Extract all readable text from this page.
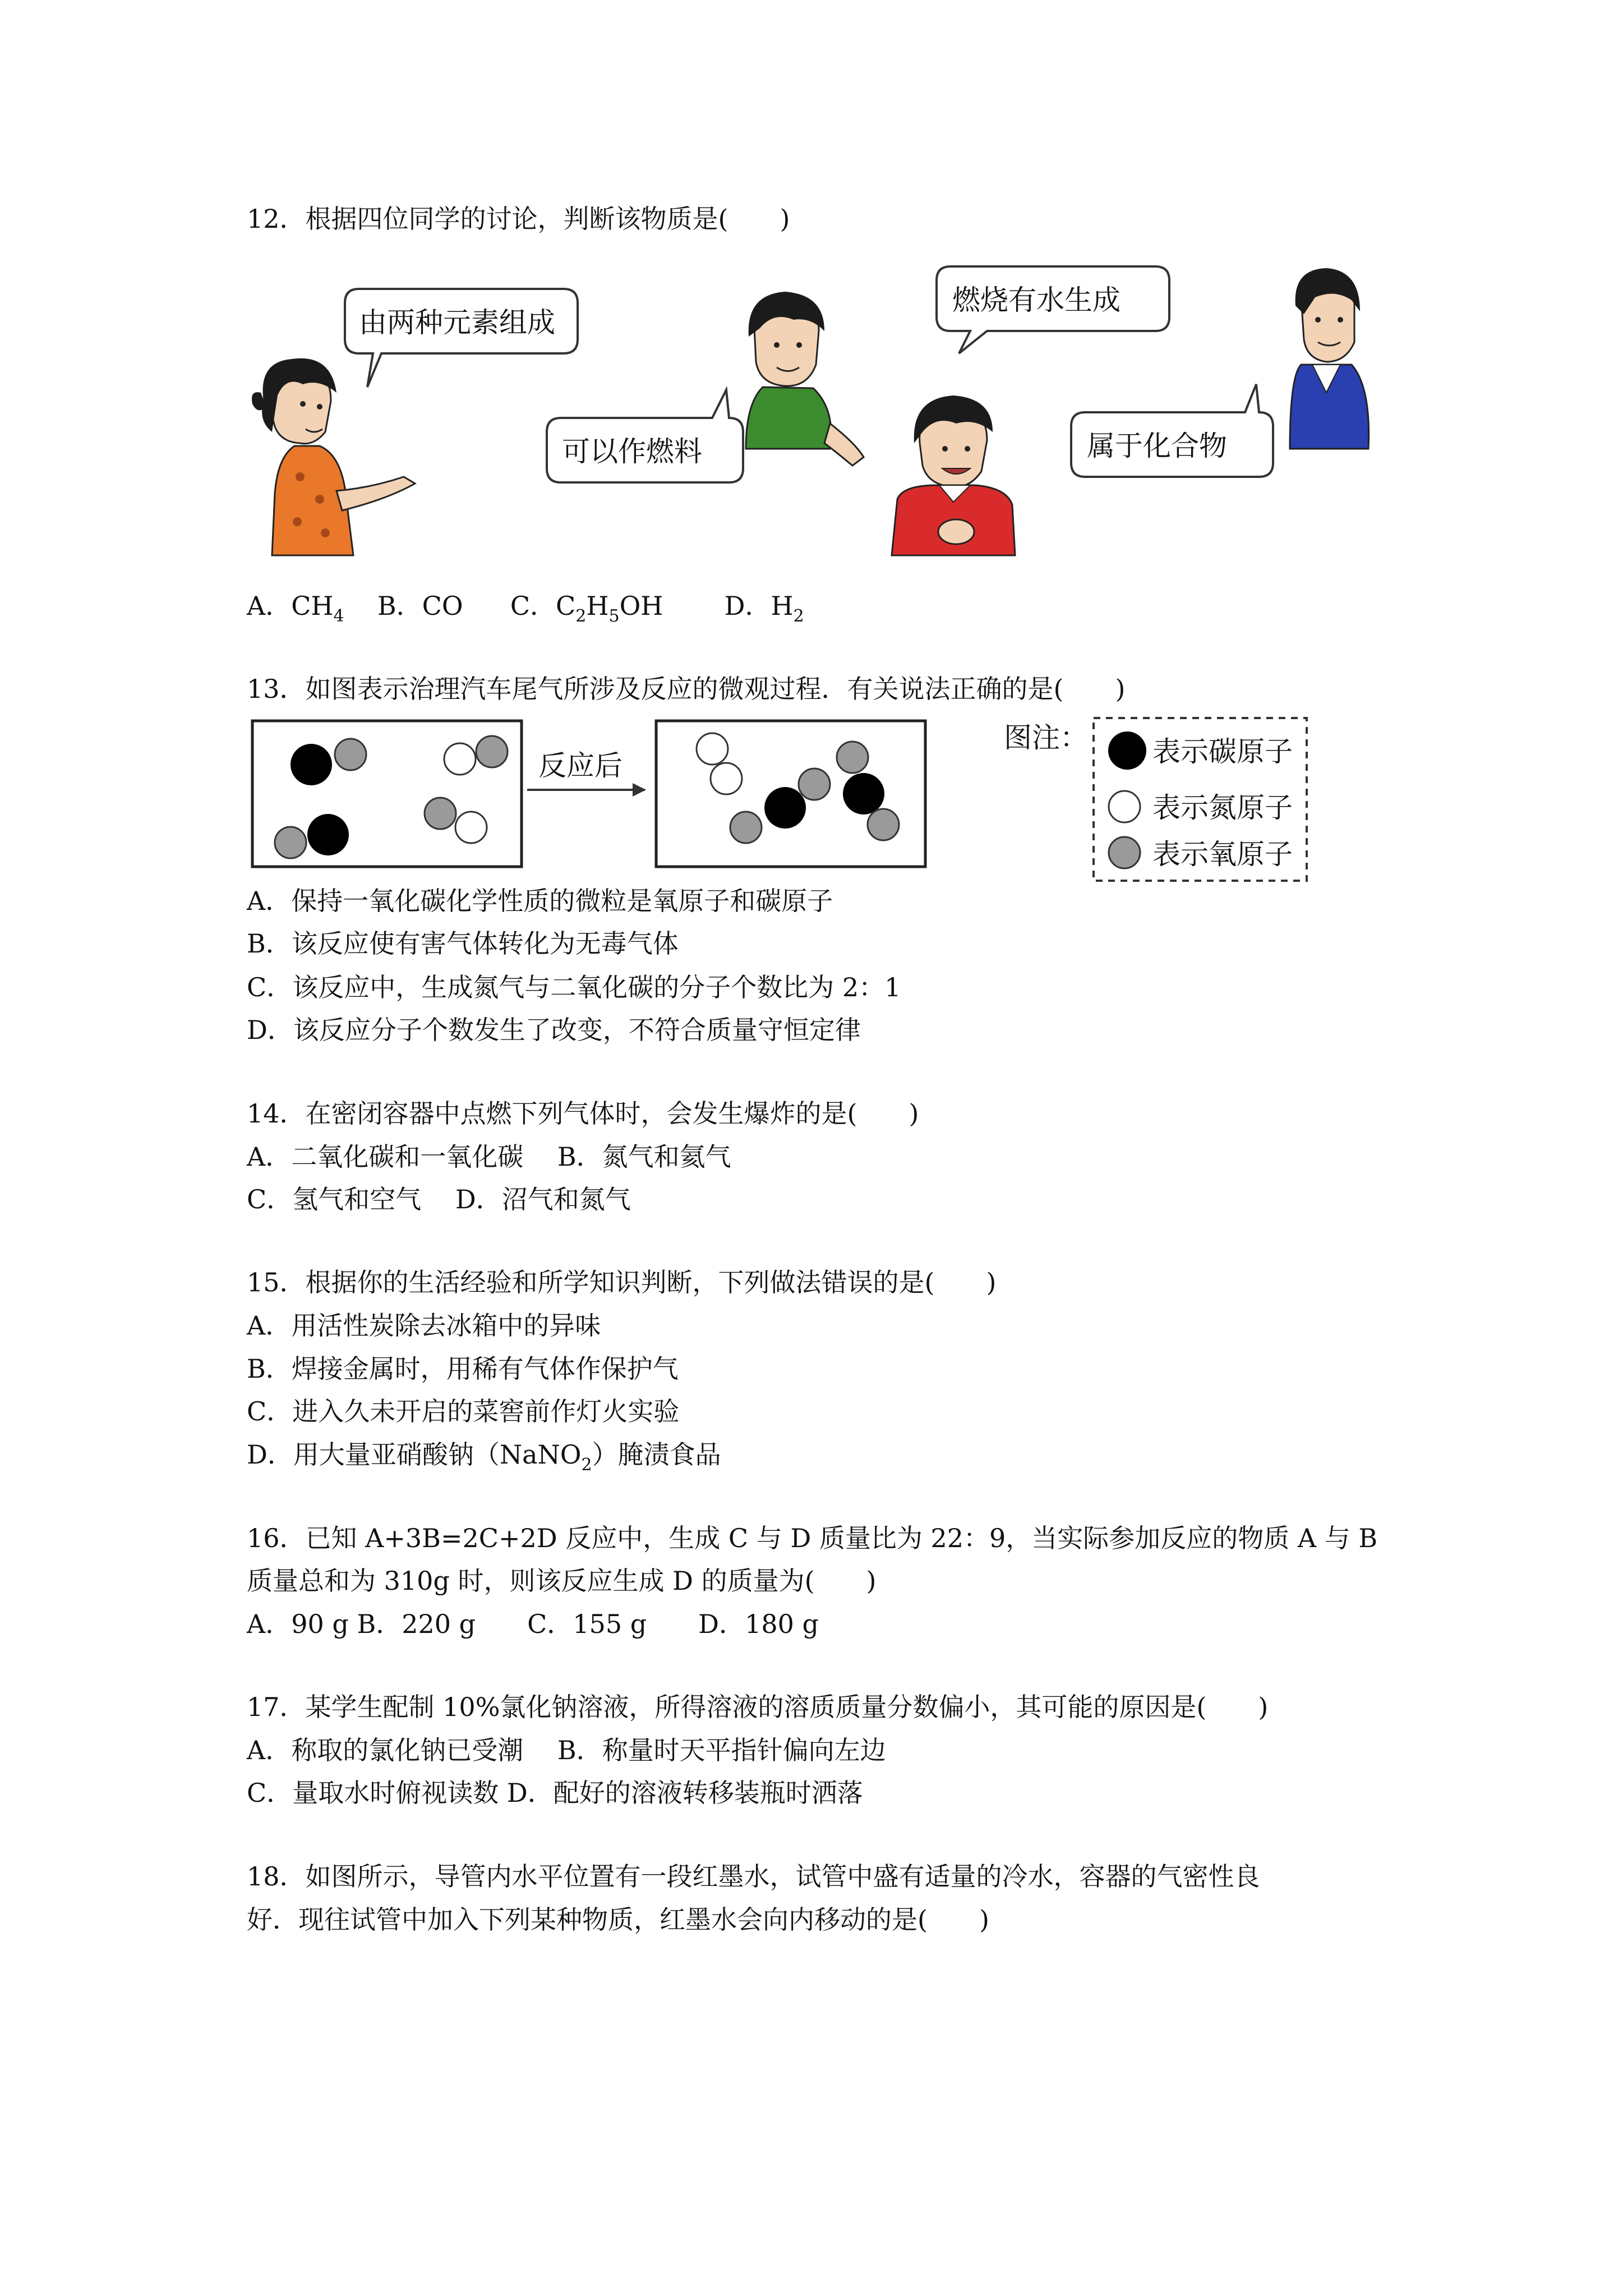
12．根据四位同学的讨论，判断该物质是(　　)
由两种元素组成
可以作燃料
燃烧有水生成
属于化合物
A．$CH_4$ B．CO C．$C_2H_5OH$ D．$H_2$
13．如图表示治理汽车尾气所涉及反应的微观过程．有关说法正确的是(　　)
反应后
图注： 表示碳原子
表示氮原子
表示氧原子
A．保持一氧化碳化学性质的微粒是氧原子和碳原子
B．该反应使有害气体转化为无毒气体
C．该反应中，生成氮气与二氧化碳的分子个数比为 2：1
D．该反应分子个数发生了改变，不符合质量守恒定律
14．在密闭容器中点燃下列气体时，会发生爆炸的是(　　)
A．二氧化碳和一氧化碳　 B．氮气和氦气
C．氢气和空气　 D．沼气和氮气
15．根据你的生活经验和所学知识判断，下列做法错误的是(　　)
A．用活性炭除去冰箱中的异味
B．焊接金属时，用稀有气体作保护气
C．进入久未开启的菜窖前作灯火实验
D．用大量亚硝酸钠（NaNO$_2$）腌渍食品
16．已知 A+3B=2C+2D 反应中，生成 C 与 D 质量比为 22：9，当实际参加反应的物质 A 与 B
质量总和为 310g 时，则该反应生成 D 的质量为(　　)
A．90 g B．220 g　　C．155 g　　D．180 g
17．某学生配制 10%氯化钠溶液，所得溶液的溶质质量分数偏小，其可能的原因是(　　)
A．称取的氯化钠已受潮　 B．称量时天平指针偏向左边
C．量取水时俯视读数 D．配好的溶液转移装瓶时洒落
18．如图所示，导管内水平位置有一段红墨水，试管中盛有适量的冷水，容器的气密性良
好．现往试管中加入下列某种物质，红墨水会向内移动的是(　　)
